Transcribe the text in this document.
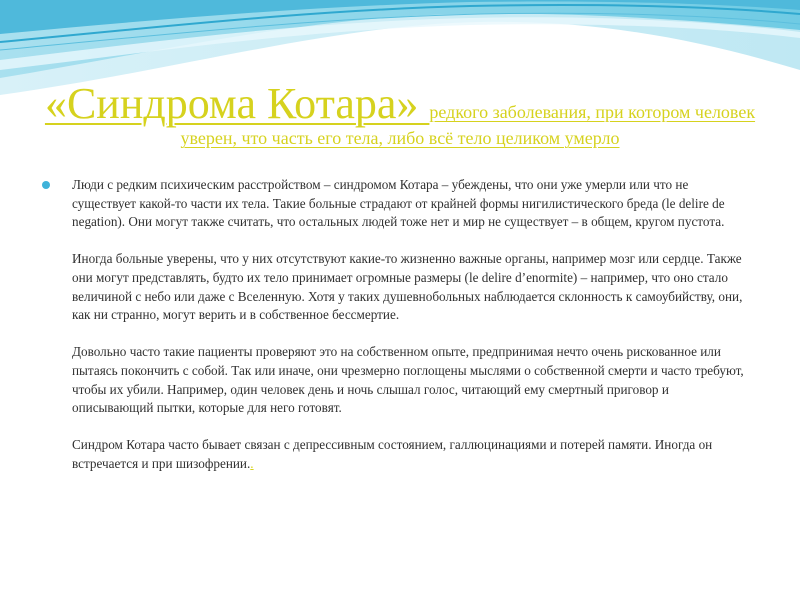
«Синдрома Котара» редкого заболевания, при котором человек уверен, что часть его тела, либо всё тело целиком умерло

Люди с редким психическим расстройством – синдромом Котара – убеждены, что они уже умерли или что не существует какой-то части их тела. Такие больные страдают от крайней формы нигилистического бреда (le delire de negation). Они могут также считать, что остальных людей тоже нет и мир не существует – в общем, кругом пустота.

Иногда больные уверены, что у них отсутствуют какие-то жизненно важные органы, например мозг или сердце. Также они могут представлять, будто их тело принимает огромные размеры (le delire d’enormite) – например, что оно стало величиной с небо или даже с Вселенную. Хотя у таких душевнобольных наблюдается склонность к самоубийству, они, как ни странно, могут верить и в собственное бессмертие.

Довольно часто такие пациенты проверяют это на собственном опыте, предпринимая нечто очень рискованное или пытаясь покончить с собой. Так или иначе, они чрезмерно поглощены мыслями о собственной смерти и часто требуют, чтобы их убили. Например, один человек день и ночь слышал голос, читающий ему смертный приговор и описывающий пытки, которые для него готовят.

Синдром Котара часто бывает связан с депрессивным состоянием, галлюцинациями и потерей памяти. Иногда он встречается и при шизофрении..
